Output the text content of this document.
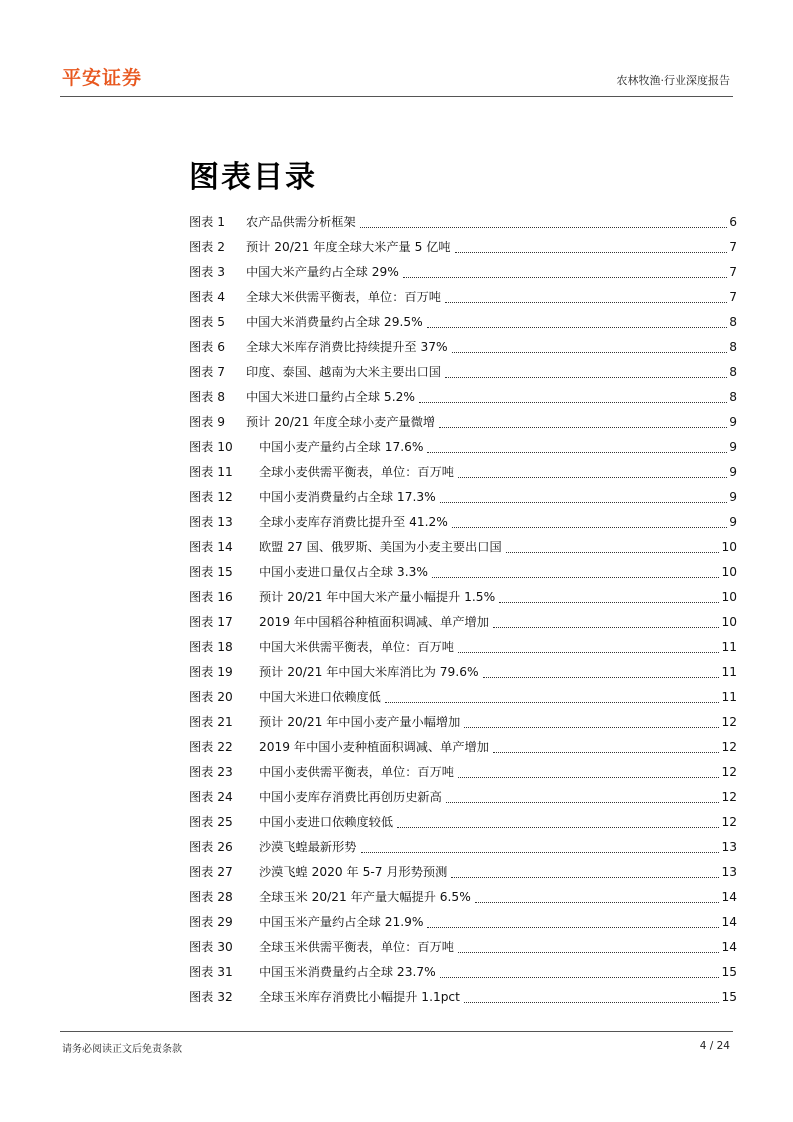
平安证券	农林牧渔·行业深度报告
图表目录
图表 1	农产品供需分析框架	6
图表 2	预计 20/21 年度全球大米产量 5 亿吨	7
图表 3	中国大米产量约占全球 29%	7
图表 4	全球大米供需平衡表，单位：百万吨	7
图表 5	中国大米消费量约占全球 29.5%	8
图表 6	全球大米库存消费比持续提升至 37%	8
图表 7	印度、泰国、越南为大米主要出口国	8
图表 8	中国大米进口量约占全球 5.2%	8
图表 9	预计 20/21 年度全球小麦产量微增	9
图表 10	中国小麦产量约占全球 17.6%	9
图表 11	全球小麦供需平衡表，单位：百万吨	9
图表 12	中国小麦消费量约占全球 17.3%	9
图表 13	全球小麦库存消费比提升至 41.2%	9
图表 14	欧盟 27 国、俄罗斯、美国为小麦主要出口国	10
图表 15	中国小麦进口量仅占全球 3.3%	10
图表 16	预计 20/21 年中国大米产量小幅提升 1.5%	10
图表 17	2019 年中国稻谷种植面积调减、单产增加	10
图表 18	中国大米供需平衡表，单位：百万吨	11
图表 19	预计 20/21 年中国大米库消比为 79.6%	11
图表 20	中国大米进口依赖度低	11
图表 21	预计 20/21 年中国小麦产量小幅增加	12
图表 22	2019 年中国小麦种植面积调减、单产增加	12
图表 23	中国小麦供需平衡表，单位：百万吨	12
图表 24	中国小麦库存消费比再创历史新高	12
图表 25	中国小麦进口依赖度较低	12
图表 26	沙漠飞蝗最新形势	13
图表 27	沙漠飞蝗 2020 年 5-7 月形势预测	13
图表 28	全球玉米 20/21 年产量大幅提升 6.5%	14
图表 29	中国玉米产量约占全球 21.9%	14
图表 30	全球玉米供需平衡表，单位：百万吨	14
图表 31	中国玉米消费量约占全球 23.7%	15
图表 32	全球玉米库存消费比小幅提升 1.1pct	15
请务必阅读正文后免责条款	4 / 24
